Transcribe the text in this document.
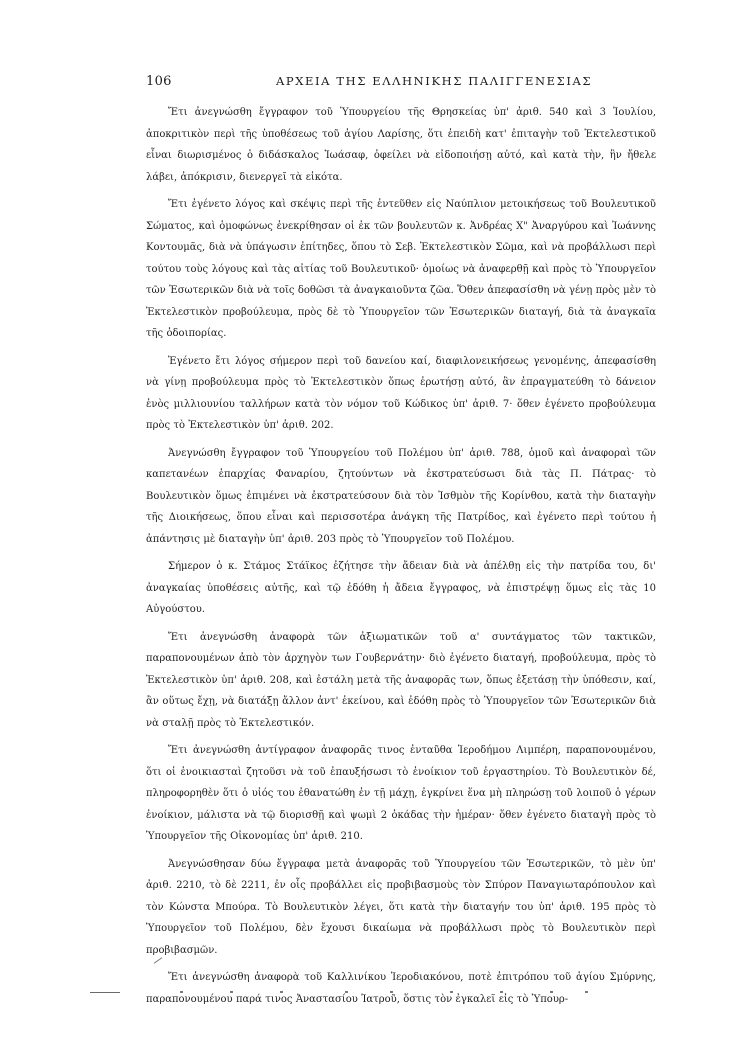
106	ΑΡΧΕΙΑ ΤΗΣ ΕΛΛΗΝΙΚΗΣ ΠΑΛΙΓΓΕΝΕΣΙΑΣ

Ἔτι ἀνεγνώσθη ἔγγραφον τοῦ Ὑπουργείου τῆς Θρησκείας ὑπ' ἀριθ. 540 καὶ 3 Ἰουλίου, ἀποκριτικὸν περὶ τῆς ὑποθέσεως τοῦ ἁγίου Λαρίσης, ὅτι ἐπειδὴ κατ' ἐπιταγὴν τοῦ Ἐκτελεστικοῦ εἶναι διωρισμένος ὁ διδάσκαλος Ἰωάσαφ, ὀφείλει νὰ εἰδοποιήσῃ αὐτό, καὶ κατὰ τὴν, ἣν ἤθελε λάβει, ἀπόκρισιν, διενεργεῖ τὰ εἰκότα.

Ἔτι ἐγένετο λόγος καὶ σκέψις περὶ τῆς ἐντεῦθεν εἰς Ναύπλιον μετοικήσεως τοῦ Βουλευτικοῦ Σώματος, καὶ ὁμοφώνως ἐνεκρίθησαν οἱ ἐκ τῶν βουλευτῶν κ. Ἀνδρέας Χ" Ἀναργύρου καὶ Ἰωάννης Κοντουμᾶς, διὰ νὰ ὑπάγωσιν ἐπίτηδες, ὅπου τὸ Σεβ. Ἐκτελεστικὸν Σῶμα, καὶ νὰ προβάλλωσι περὶ τούτου τοὺς λόγους καὶ τὰς αἰτίας τοῦ Βουλευτικοῦ· ὁμοίως νὰ ἀναφερθῇ καὶ πρὸς τὸ Ὑπουργεῖον τῶν Ἐσωτερικῶν διὰ νὰ τοῖς δοθῶσι τὰ ἀναγκαιοῦντα ζῶα. Ὅθεν ἀπεφασίσθη νὰ γένῃ πρὸς μὲν τὸ Ἐκτελεστικὸν προβούλευμα, πρὸς δὲ τὸ Ὑπουργεῖον τῶν Ἐσωτερικῶν διαταγή, διὰ τὰ ἀναγκαῖα τῆς ὁδοιπορίας.

Ἐγένετο ἔτι λόγος σήμερον περὶ τοῦ δανείου καί, διαφιλονεικήσεως γενομένης, ἀπεφασίσθη νὰ γίνῃ προβούλευμα πρὸς τὸ Ἐκτελεστικὸν ὅπως ἐρωτήσῃ αὐτό, ἂν ἐπραγματεύθη τὸ δάνειον ἑνὸς μιλλιουνίου ταλλήρων κατὰ τὸν νόμον τοῦ Κώδικος ὑπ' ἀριθ. 7· ὅθεν ἐγένετο προβούλευμα πρὸς τὸ Ἐκτελεστικὸν ὑπ' ἀριθ. 202.

Ἀνεγνώσθη ἔγγραφον τοῦ Ὑπουργείου τοῦ Πολέμου ὑπ' ἀριθ. 788, ὁμοῦ καὶ ἀναφοραὶ τῶν καπετανέων ἐπαρχίας Φαναρίου, ζητούντων νὰ ἐκστρατεύσωσι διὰ τὰς Π. Πάτρας· τὸ Βουλευτικὸν ὅμως ἐπιμένει νὰ ἐκστρατεύσουν διὰ τὸν Ἰσθμὸν τῆς Κορίνθου, κατὰ τὴν διαταγὴν τῆς Διοικήσεως, ὅπου εἶναι καὶ περισσοτέρα ἀνάγκη τῆς Πατρίδος, καὶ ἐγένετο περὶ τούτου ἡ ἀπάντησις μὲ διαταγὴν ὑπ' ἀριθ. 203 πρὸς τὸ Ὑπουργεῖον τοῦ Πολέμου.

Σήμερον ὁ κ. Στάμος Στάϊκος ἐζήτησε τὴν ἄδειαν διὰ νὰ ἀπέλθῃ εἰς τὴν πατρίδα του, δι' ἀναγκαίας ὑποθέσεις αὐτῆς, καὶ τῷ ἐδόθη ἡ ἄδεια ἔγγραφος, νὰ ἐπιστρέψῃ ὅμως εἰς τὰς 10 Αὐγούστου.

Ἔτι ἀνεγνώσθη ἀναφορὰ τῶν ἀξιωματικῶν τοῦ α' συντάγματος τῶν τακτικῶν, παραπονουμένων ἀπὸ τὸν ἀρχηγὸν των Γουβερνάτην· διὸ ἐγένετο διαταγή, προβούλευμα, πρὸς τὸ Ἐκτελεστικὸν ὑπ' ἀριθ. 208, καὶ ἐστάλη μετὰ τῆς ἀναφορᾶς των, ὅπως ἐξετάσῃ τὴν ὑπόθεσιν, καί, ἂν οὕτως ἔχῃ, νὰ διατάξῃ ἄλλον ἀντ' ἐκείνου, καὶ ἐδόθη πρὸς τὸ Ὑπουργεῖον τῶν Ἐσωτερικῶν διὰ νὰ σταλῇ πρὸς τὸ Ἐκτελεστικόν.

Ἔτι ἀνεγνώσθη ἀντίγραφον ἀναφορᾶς τινος ἐνταῦθα Ἱεροδήμου Λιμπέρη, παραπονουμένου, ὅτι οἱ ἐνοικιασταὶ ζητοῦσι νὰ τοῦ ἐπαυξήσωσι τὸ ἐνοίκιον τοῦ ἐργαστηρίου. Τὸ Βουλευτικὸν δέ, πληροφορηθὲν ὅτι ὁ υἱός του ἐθανατώθη ἐν τῇ μάχῃ, ἐγκρίνει ἕνα μὴ πληρώσῃ τοῦ λοιποῦ ὁ γέρων ἐνοίκιον, μάλιστα νὰ τῷ διορισθῇ καὶ ψωμὶ 2 ὀκάδας τὴν ἡμέραν· ὅθεν ἐγένετο διαταγὴ πρὸς τὸ Ὑπουργεῖον τῆς Οἰκονομίας ὑπ' ἀριθ. 210.

Ἀνεγνώσθησαν δύω ἔγγραφα μετὰ ἀναφορᾶς τοῦ Ὑπουργείου τῶν Ἐσωτερικῶν, τὸ μὲν ὑπ' ἀριθ. 2210, τὸ δὲ 2211, ἐν οἷς προβάλλει εἰς προβιβασμοὺς τὸν Σπύρον Παναγιωταρόπουλον καὶ τὸν Κώνστα Μπούρα. Τὸ Βουλευτικὸν λέγει, ὅτι κατὰ τὴν διαταγήν του ὑπ' ἀριθ. 195 πρὸς τὸ Ὑπουργεῖον τοῦ Πολέμου, δὲν ἔχουσι δικαίωμα νὰ προβάλλωσι πρὸς τὸ Βουλευτικὸν περὶ προβιβασμῶν.

Ἔτι ἀνεγνώσθη ἀναφορὰ τοῦ Καλλινίκου Ἱεροδιακόνου, ποτὲ ἐπιτρόπου τοῦ ἁγίου Σμύρνης, παραπονουμένου παρά τινος Ἀναστασίου Ἰατροῦ, ὅστις τὸν ἐγκαλεῖ εἰς τὸ Ὑπουρ-
